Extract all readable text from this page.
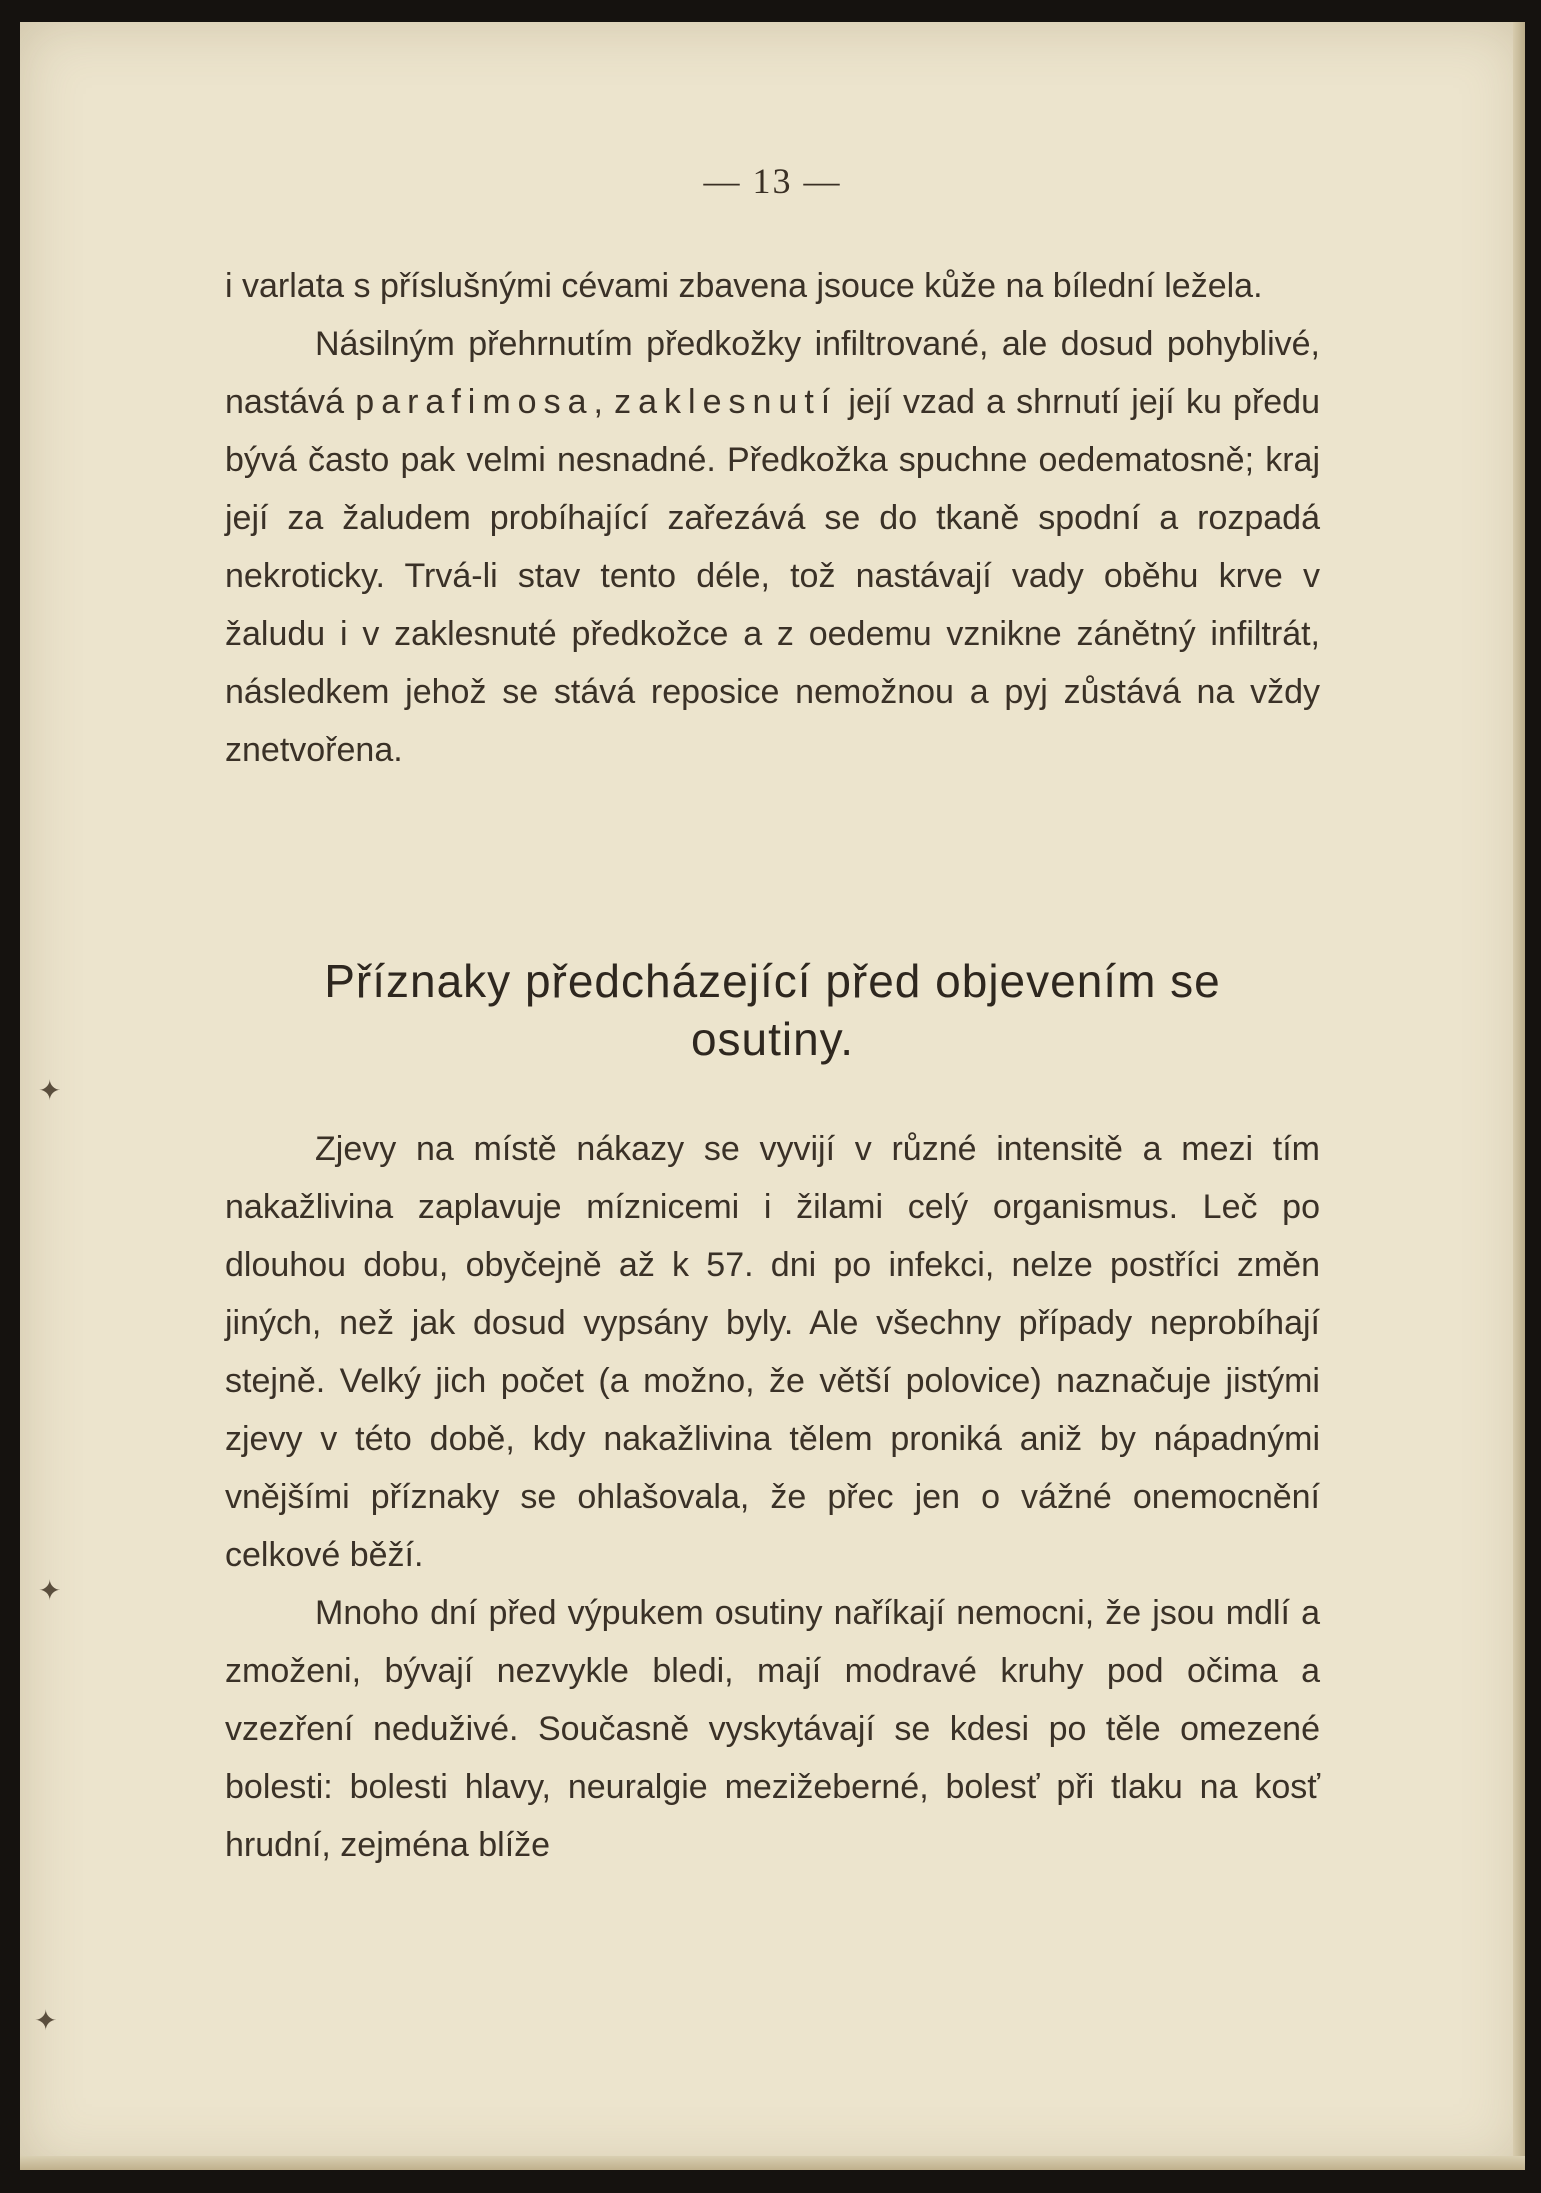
✦
✦
✦
— 13 —

i varlata s příslušnými cévami zbavena jsouce kůže na bílední ležela.

Násilným přehrnutím předkožky infiltrované, ale dosud pohyblivé, nastává parafimosa, zaklesnutí její vzad a shrnutí její ku předu bývá často pak velmi nesnadné. Předkožka spuchne oedematosně; kraj její za žaludem probíhající zařezává se do tkaně spodní a rozpadá nekroticky. Trvá-li stav tento déle, tož nastávají vady oběhu krve v žaludu i v zaklesnuté předkožce a z oedemu vznikne zánětný infiltrát, následkem jehož se stává reposice nemožnou a pyj zůstává na vždy znetvořena.

Příznaky předcházející před objevením se
osutiny.

Zjevy na místě nákazy se vyvijí v různé intensitě a mezi tím nakažlivina zaplavuje míznicemi i žilami celý organismus. Leč po dlouhou dobu, obyčejně až k 57. dni po infekci, nelze postříci změn jiných, než jak dosud vypsány byly. Ale všechny případy neprobíhají stejně. Velký jich počet (a možno, že větší polovice) naznačuje jistými zjevy v této době, kdy nakažlivina tělem proniká aniž by nápadnými vnějšími příznaky se ohlašovala, že přec jen o vážné onemocnění celkové běží.

Mnoho dní před výpukem osutiny naříkají nemocni, že jsou mdlí a zmoženi, bývají nezvykle bledi, mají modravé kruhy pod očima a vzezření neduživé. Současně vyskytávají se kdesi po těle omezené bolesti: bolesti hlavy, neuralgie mezižeberné, bolesť při tlaku na kosť hrudní, zejména blíže
